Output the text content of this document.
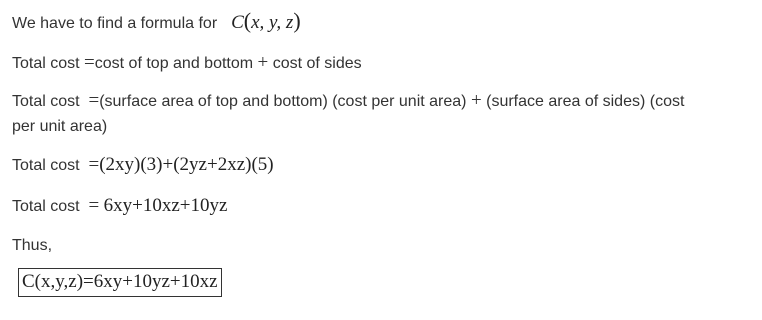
We have to find a formula for C(x, y, z)
Total cost =cost of top and bottom + cost of sides
Total cost =(surface area of top and bottom) (cost per unit area) + (surface area of sides) (cost
per unit area)
Total cost =(2xy)(3)+(2yz+2xz)(5)
Total cost = 6xy+10xz+10yz
Thus,
C(x,y,z)=6xy+10yz+10xz
